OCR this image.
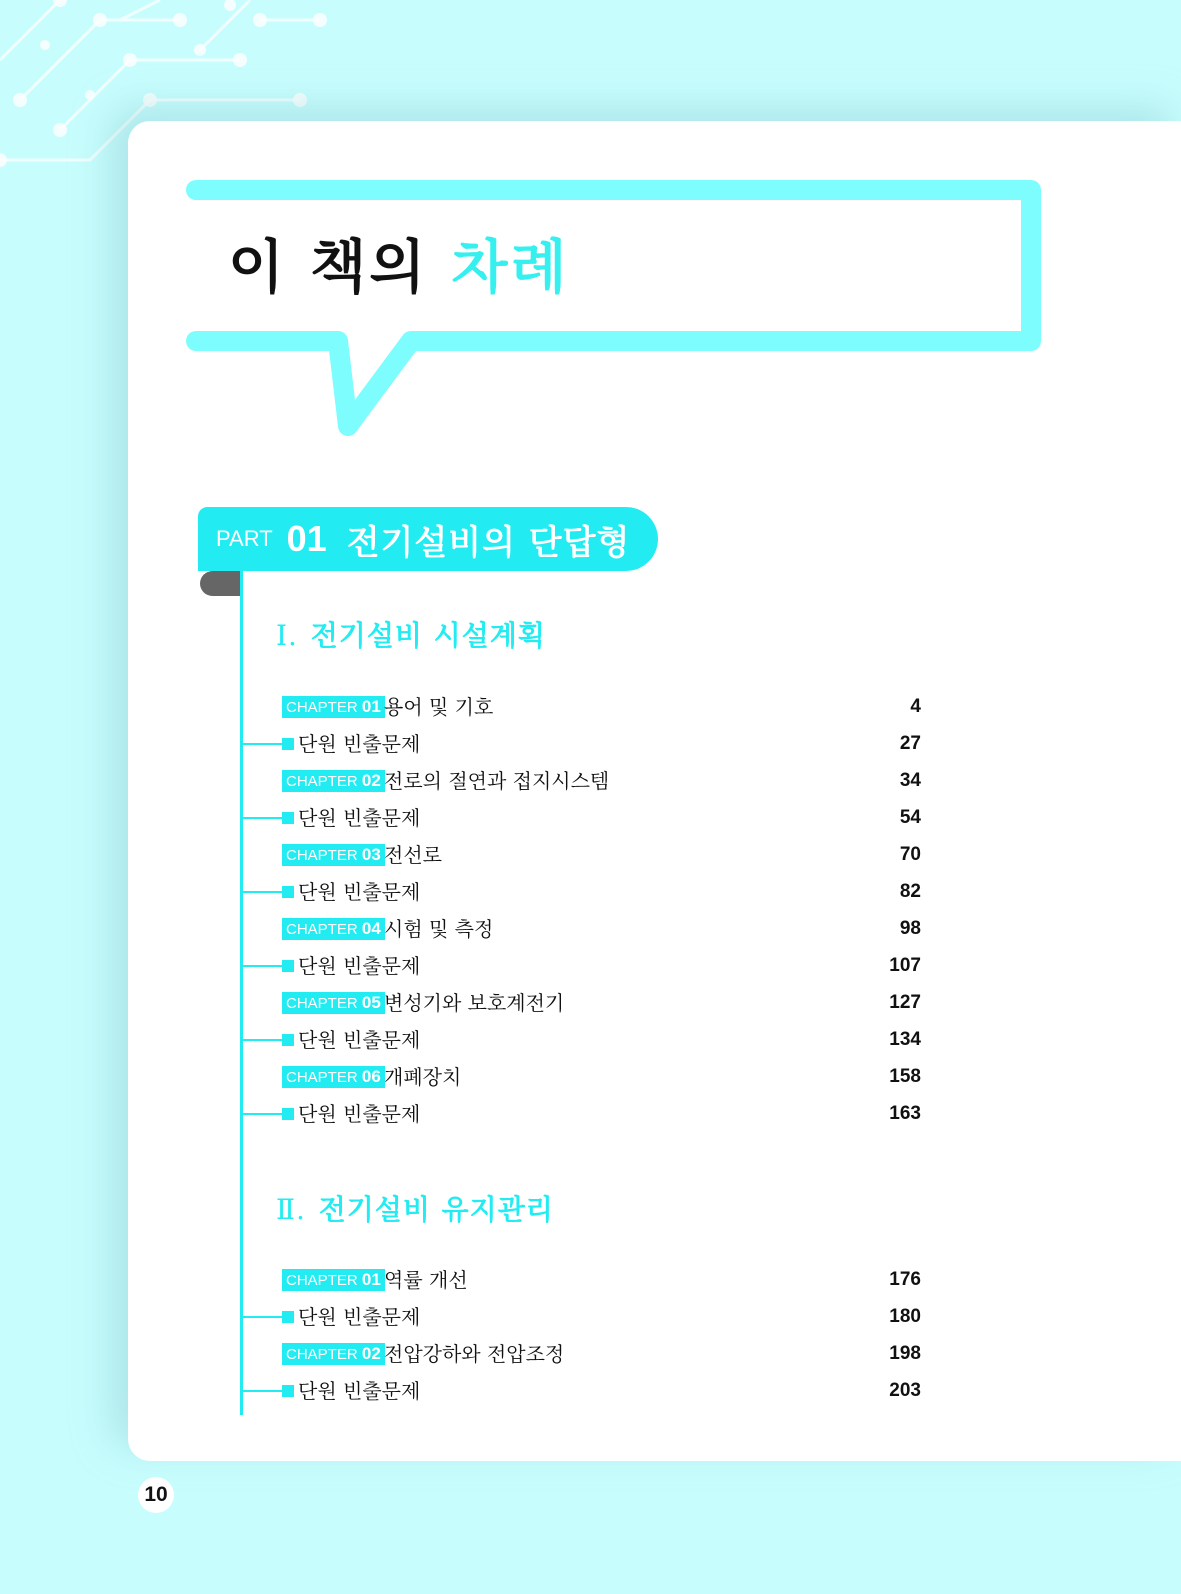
이 책의 차례
PART 01 전기설비의 단답형
Ⅰ. 전기설비 시설계획
CHAPTER 01 용어 및 기호	4
단원 빈출문제	27
CHAPTER 02 전로의 절연과 접지시스템	34
단원 빈출문제	54
CHAPTER 03 전선로	70
단원 빈출문제	82
CHAPTER 04 시험 및 측정	98
단원 빈출문제	107
CHAPTER 05 변성기와 보호계전기	127
단원 빈출문제	134
CHAPTER 06 개폐장치	158
단원 빈출문제	163
Ⅱ. 전기설비 유지관리
CHAPTER 01 역률 개선	176
단원 빈출문제	180
CHAPTER 02 전압강하와 전압조정	198
단원 빈출문제	203
10
